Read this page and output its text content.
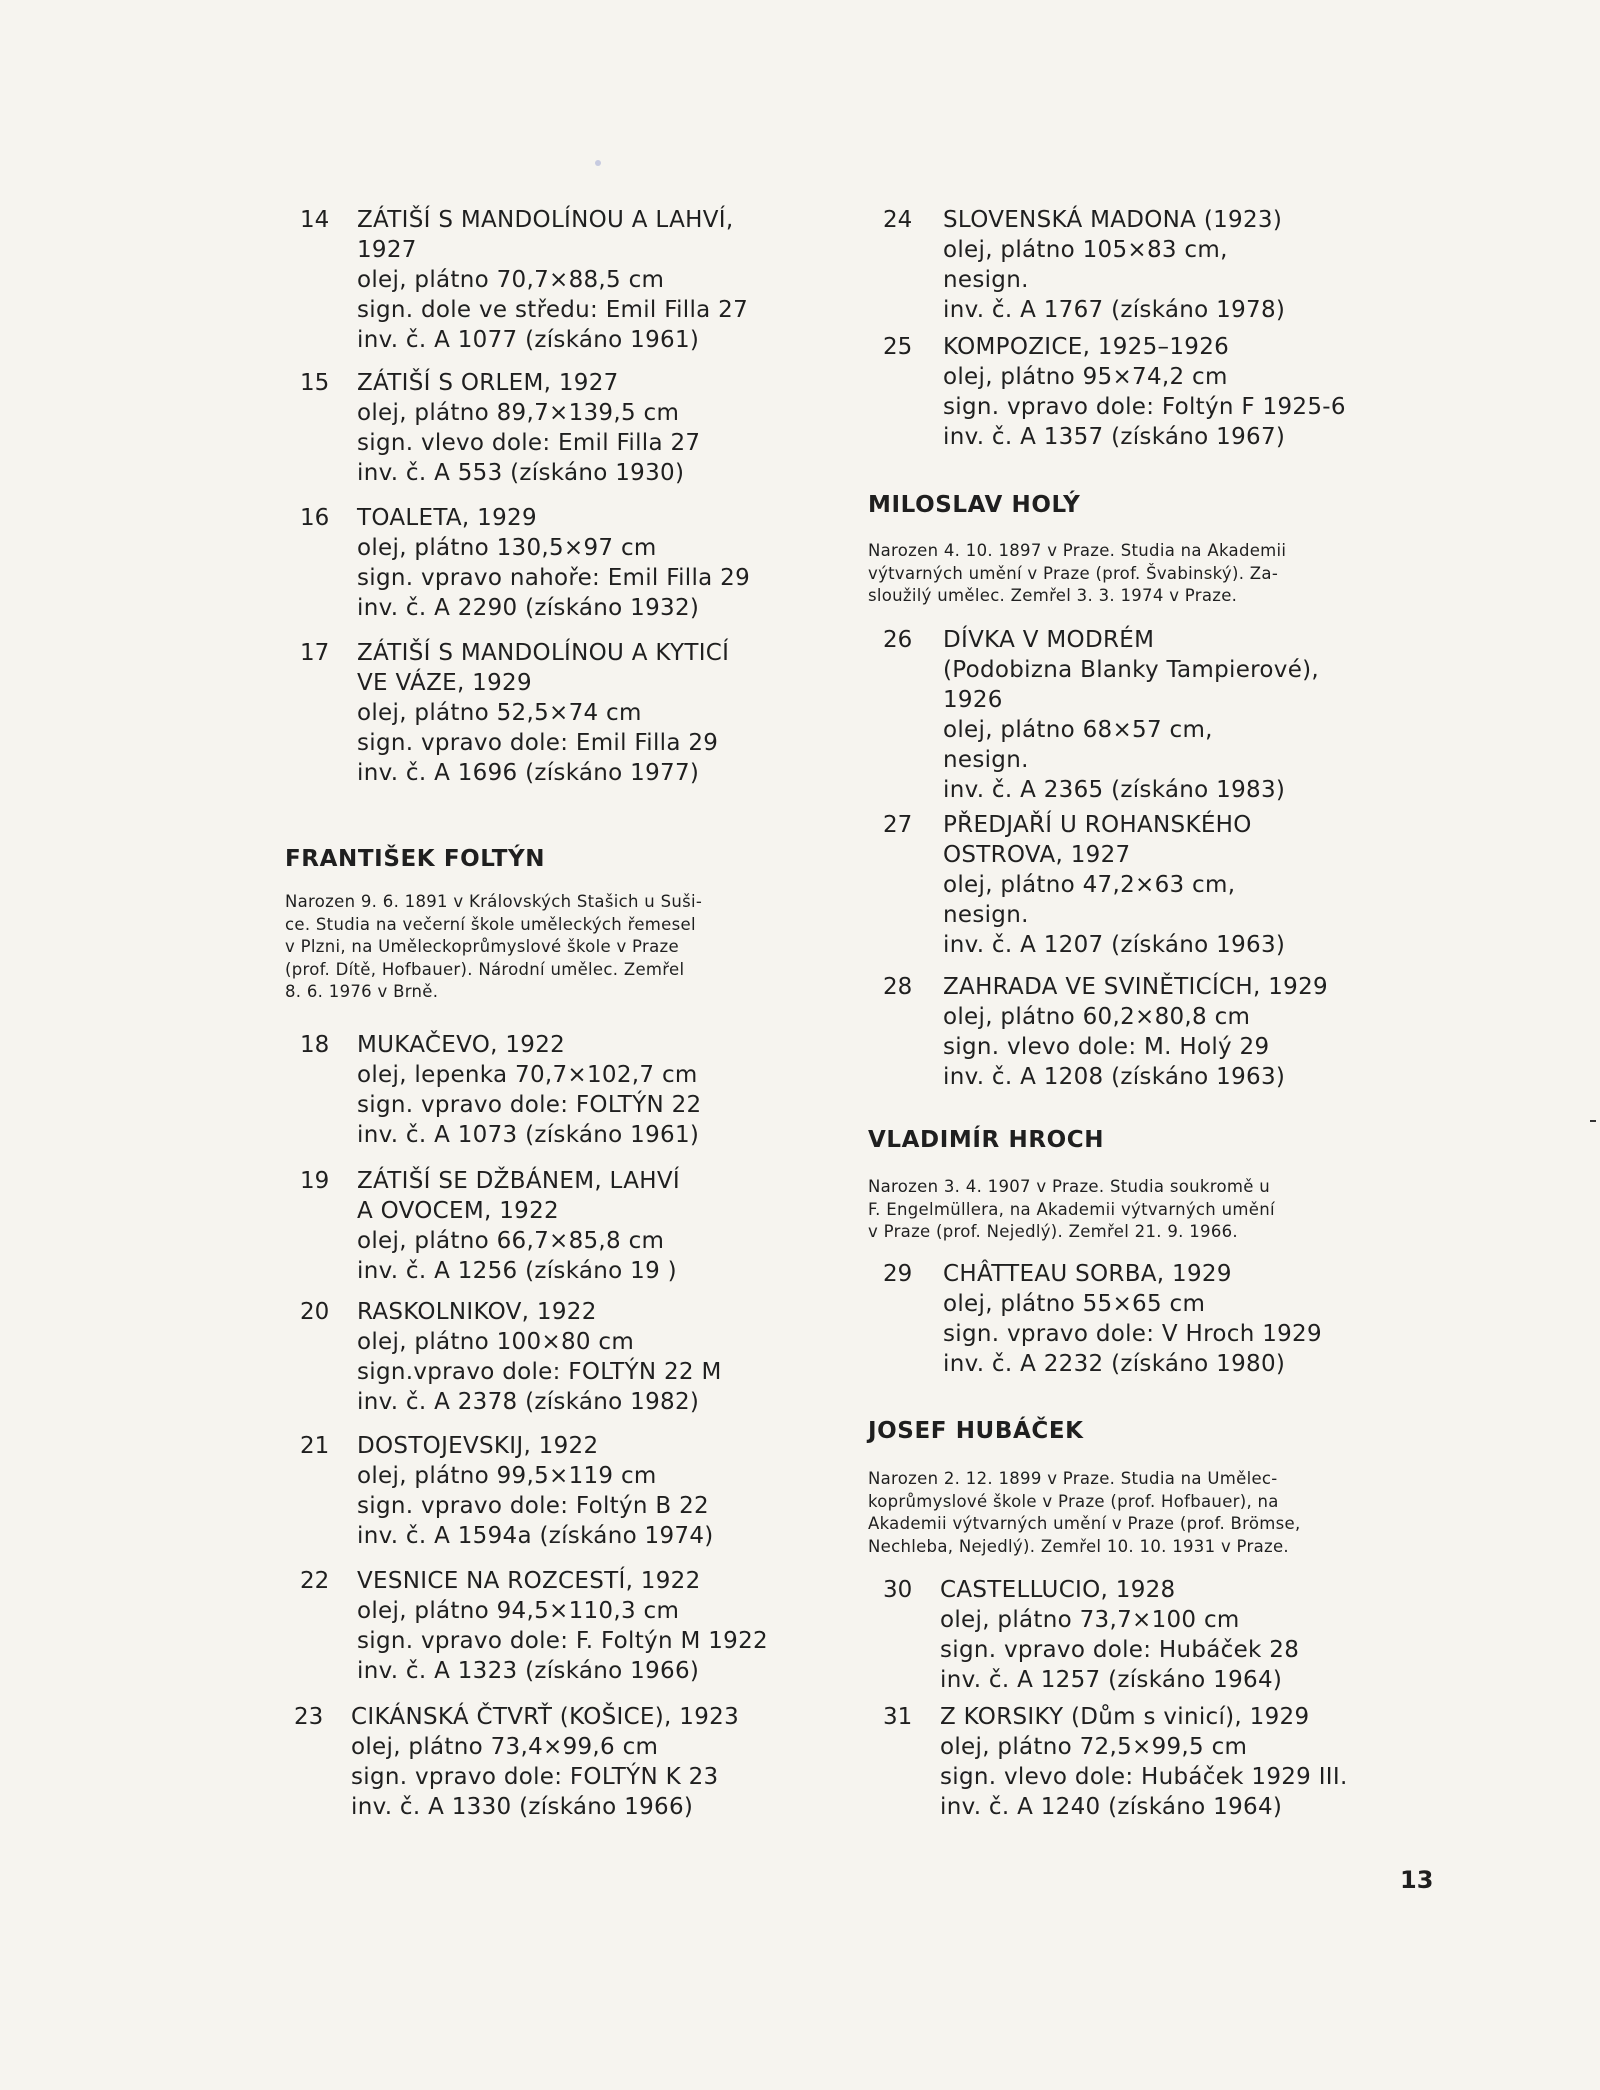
14 ZÁTIŠÍ S MANDOLÍNOU A LAHVÍ,
1927
olej, plátno 70,7×88,5 cm
sign. dole ve středu: Emil Filla 27
inv. č. A 1077 (získáno 1961)
15 ZÁTIŠÍ S ORLEM, 1927
olej, plátno 89,7×139,5 cm
sign. vlevo dole: Emil Filla 27
inv. č. A 553 (získáno 1930)
16 TOALETA, 1929
olej, plátno 130,5×97 cm
sign. vpravo nahoře: Emil Filla 29
inv. č. A 2290 (získáno 1932)
17 ZÁTIŠÍ S MANDOLÍNOU A KYTICÍ
VE VÁZE, 1929
olej, plátno 52,5×74 cm
sign. vpravo dole: Emil Filla 29
inv. č. A 1696 (získáno 1977)
FRANTIŠEK FOLTÝN
Narozen 9. 6. 1891 v Královských Stašich u Suši-
ce. Studia na večerní škole uměleckých řemesel
v Plzni, na Uměleckoprůmyslové škole v Praze
(prof. Dítě, Hofbauer). Národní umělec. Zemřel
8. 6. 1976 v Brně.
18 MUKAČEVO, 1922
olej, lepenka 70,7×102,7 cm
sign. vpravo dole: FOLTÝN 22
inv. č. A 1073 (získáno 1961)
19 ZÁTIŠÍ SE DŽBÁNEM, LAHVÍ
A OVOCEM, 1922
olej, plátno 66,7×85,8 cm
inv. č. A 1256 (získáno 19 )
20 RASKOLNIKOV, 1922
olej, plátno 100×80 cm
sign.vpravo dole: FOLTÝN 22 M
inv. č. A 2378 (získáno 1982)
21 DOSTOJEVSKIJ, 1922
olej, plátno 99,5×119 cm
sign. vpravo dole: Foltýn B 22
inv. č. A 1594a (získáno 1974)
22 VESNICE NA ROZCESTÍ, 1922
olej, plátno 94,5×110,3 cm
sign. vpravo dole: F. Foltýn M 1922
inv. č. A 1323 (získáno 1966)
23 CIKÁNSKÁ ČTVRŤ (KOŠICE), 1923
olej, plátno 73,4×99,6 cm
sign. vpravo dole: FOLTÝN K 23
inv. č. A 1330 (získáno 1966)
24 SLOVENSKÁ MADONA (1923)
olej, plátno 105×83 cm,
nesign.
inv. č. A 1767 (získáno 1978)
25 KOMPOZICE, 1925–1926
olej, plátno 95×74,2 cm
sign. vpravo dole: Foltýn F 1925-6
inv. č. A 1357 (získáno 1967)
MILOSLAV HOLÝ
Narozen 4. 10. 1897 v Praze. Studia na Akademii
výtvarných umění v Praze (prof. Švabinský). Za-
sloužilý umělec. Zemřel 3. 3. 1974 v Praze.
26 DÍVKA V MODRÉM
(Podobizna Blanky Tampierové),
1926
olej, plátno 68×57 cm,
nesign.
inv. č. A 2365 (získáno 1983)
27 PŘEDJAŘÍ U ROHANSKÉHO
OSTROVA, 1927
olej, plátno 47,2×63 cm,
nesign.
inv. č. A 1207 (získáno 1963)
28 ZAHRADA VE SVINĚTICÍCH, 1929
olej, plátno 60,2×80,8 cm
sign. vlevo dole: M. Holý 29
inv. č. A 1208 (získáno 1963)
VLADIMÍR HROCH
Narozen 3. 4. 1907 v Praze. Studia soukromě u
F. Engelmüllera, na Akademii výtvarných umění
v Praze (prof. Nejedlý). Zemřel 21. 9. 1966.
29 CHÂTTEAU SORBA, 1929
olej, plátno 55×65 cm
sign. vpravo dole: V Hroch 1929
inv. č. A 2232 (získáno 1980)
JOSEF HUBÁČEK
Narozen 2. 12. 1899 v Praze. Studia na Uměleс-
koprůmyslové škole v Praze (prof. Hofbauer), na
Akademii výtvarných umění v Praze (prof. Brömse,
Nechleba, Nejedlý). Zemřel 10. 10. 1931 v Praze.
30 CASTELLUCIO, 1928
olej, plátno 73,7×100 cm
sign. vpravo dole: Hubáček 28
inv. č. A 1257 (získáno 1964)
31 Z KORSIKY (Dům s vinicí), 1929
olej, plátno 72,5×99,5 cm
sign. vlevo dole: Hubáček 1929 III.
inv. č. A 1240 (získáno 1964)
13
